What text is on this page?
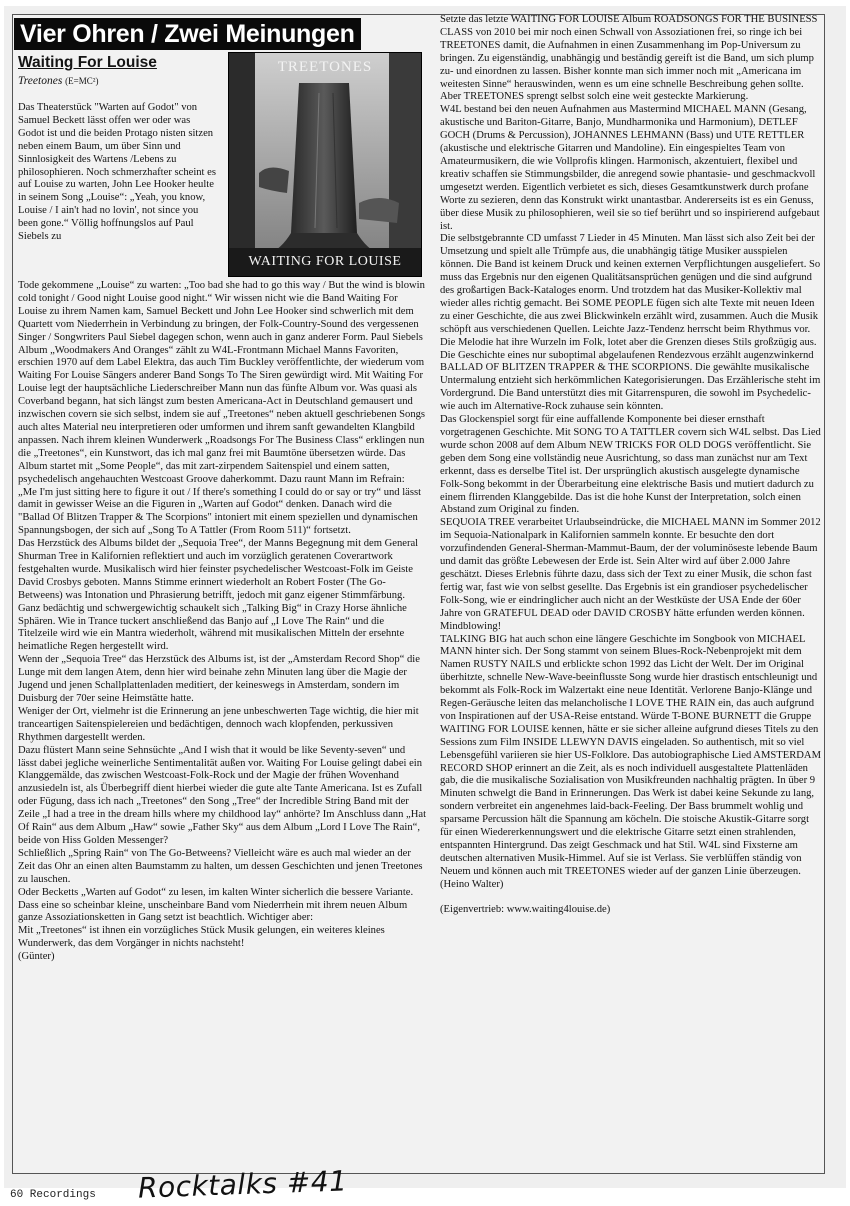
Vier Ohren / Zwei Meinungen
Waiting For Louise
Treetones (E=MC²)
TREETONES
WAITING FOR LOUISE
Das Theaterstück "Warten auf Godot" von Samuel Beckett lässt offen wer oder was Godot ist und die beiden Protago nisten sitzen neben einem Baum, um über Sinn und Sinnlosigkeit des Wartens /Lebens zu philosophieren. Noch schmerzhafter scheint es auf Louise zu warten, John Lee Hooker heulte in seinem Song „Louise“: „Yeah, you know, Louise / I ain't had no lovin', not since you been gone.“ Völlig hoffnungslos auf Paul Siebels zu

Tode gekommene „Louise“ zu warten: „Too bad she had to go this way / But the wind is blowin cold tonight / Good night Louise good night.“ Wir wissen nicht wie die Band Waiting For Louise zu ihrem Namen kam, Samuel Beckett und John Lee Hooker sind schwerlich mit dem Quartett vom Niederrhein in Verbindung zu bringen, der Folk-Country-Sound des vergessenen Singer / Songwriters Paul Siebel dagegen schon, wenn auch in ganz anderer Form. Paul Siebels Album „Woodmakers And Oranges“ zählt zu W4L-Frontmann Michael Manns Favoriten, erschien 1970 auf dem Label Elektra, das auch Tim Buckley veröffentlichte, der wiederum vom Waiting For Louise Sängers anderer Band Songs To The Siren gewürdigt wird. Mit Waiting For Louise legt der hauptsächliche Liederschreiber Mann nun das fünfte Album vor. Was quasi als Coverband begann, hat sich längst zum besten Americana-Act in Deutschland gemausert und inzwischen covern sie sich selbst, indem sie auf „Treetones“ neben aktuell geschriebenen Songs auch altes Material neu interpretieren oder umformen und ihrem sanft gewandelten Klangbild anpassen. Nach ihrem kleinen Wunderwerk „Roadsongs For The Business Class“ erklingen nun die „Treetones“, ein Kunstwort, das ich mal ganz frei mit Baumtöne übersetzen würde. Das Album startet mit „Some People“, das mit zart-zirpendem Saitenspiel und einem satten, psychedelisch angehauchten Westcoast Groove daherkommt. Dazu raunt Mann im Refrain: „Me I'm just sitting here to figure it out / If there's something I could do or say or try“ und lässt damit in gewisser Weise an die Figuren in „Warten auf Godot“ denken. Danach wird die "Ballad Of Blitzen Trapper & The Scorpions" intoniert mit einem speziellen und dynamischen Spannungsbogen, der sich auf „Song To A Tattler (From Room 511)“ fortsetzt.

Das Herzstück des Albums bildet der „Sequoia Tree“, der Manns Begegnung mit dem General Shurman Tree in Kalifornien reflektiert und auch im vorzüglich geratenen Coverartwork festgehalten wurde. Musikalisch wird hier feinster psychedelischer Westcoast-Folk im Geiste David Crosbys geboten. Manns Stimme erinnert wiederholt an Robert Foster (The Go-Betweens) was Intonation und Phrasierung betrifft, jedoch mit ganz eigener Stimmfärbung. Ganz bedächtig und schwergewichtig schaukelt sich „Talking Big“ in Crazy Horse ähnliche Sphären. Wie in Trance tuckert anschließend das Banjo auf „I Love The Rain“ und die Titelzeile wird wie ein Mantra wiederholt, während mit musikalischen Mitteln der ersehnte heimatliche Regen hergestellt wird.

Wenn der „Sequoia Tree“ das Herzstück des Albums ist, ist der „Amsterdam Record Shop“ die Lunge mit dem langen Atem, denn hier wird beinahe zehn Minuten lang über die Magie der Jugend und jenen Schallplattenladen meditiert, der keineswegs in Amsterdam, sondern im Duisburg der 70er seine Heimstätte hatte.

Weniger der Ort, vielmehr ist die Erinnerung an jene unbeschwerten Tage wichtig, die hier mit tranceartigen Saitenspielereien und bedächtigen, dennoch wach klopfenden, perkussiven Rhythmen dargestellt werden.

Dazu flüstert Mann seine Sehnsüchte „And I wish that it would be like Seventy-seven“ und lässt dabei jegliche weinerliche Sentimentalität außen vor. Waiting For Louise gelingt dabei ein Klanggemälde, das zwischen Westcoast-Folk-Rock und der Magie der frühen Wovenhand anzusiedeln ist, als Überbegriff dient hierbei wieder die gute alte Tante Americana. Ist es Zufall oder Fügung, dass ich nach „Treetones“ den Song „Tree“ der Incredible String Band mit der Zeile „I had a tree in the dream hills where my childhood lay“ anhörte? Im Anschluss dann „Hat Of Rain“ aus dem Album „Haw“ sowie „Father Sky“ aus dem Album „Lord I Love The Rain“, beide von Hiss Golden Messenger?

Schließlich „Spring Rain“ von The Go-Betweens? Vielleicht wäre es auch mal wieder an der Zeit das Ohr an einen alten Baumstamm zu halten, um dessen Geschichten und jenen Treetones zu lauschen.

Oder Becketts „Warten auf Godot“ zu lesen, im kalten Winter sicherlich die bessere Variante.

Dass eine so scheinbar kleine, unscheinbare Band vom Niederrhein mit ihrem neuen Album ganze Assoziationsketten in Gang setzt ist beachtlich. Wichtiger aber:

Mit „Treetones“ ist ihnen ein vorzügliches Stück Musik gelungen, ein weiteres kleines Wunderwerk, das dem Vorgänger in nichts nachsteht!

(Günter)

Setzte das letzte WAITING FOR LOUISE Album ROADSONGS FOR THE BUSINESS CLASS von 2010 bei mir noch einen Schwall von Assoziationen frei, so ringe ich bei TREETONES damit, die Aufnahmen in einen Zusammenhang im Pop-Universum zu bringen. Zu eigenständig, unabhängig und beständig gereift ist die Band, um sich plump zu- und einordnen zu lassen. Bisher konnte man sich immer noch mit „Americana im weitesten Sinne“ herauswinden, wenn es um eine schnelle Beschreibung gehen sollte. Aber TREETONES sprengt selbst solch eine weit gesteckte Markierung.

W4L bestand bei den neuen Aufnahmen aus Mastermind MICHAEL MANN (Gesang, akustische und Bariton-Gitarre, Banjo, Mundharmonika und Harmonium), DETLEF GOCH (Drums & Percussion), JOHANNES LEHMANN (Bass) und UTE RETTLER (akustische und elektrische Gitarren und Mandoline). Ein eingespieltes Team von Amateurmusikern, die wie Vollprofis klingen. Harmonisch, akzentuiert, flexibel und kreativ schaffen sie Stimmungsbilder, die anregend sowie phantasie- und geschmackvoll umgesetzt werden. Eigentlich verbietet es sich, dieses Gesamtkunstwerk durch profane Worte zu sezieren, denn das Konstrukt wirkt unantastbar. Andererseits ist es ein Genuss, über diese Musik zu philosophieren, weil sie so tief berührt und so inspirierend aufgebaut ist.

Die selbstgebrannte CD umfasst 7 Lieder in 45 Minuten. Man lässt sich also Zeit bei der Umsetzung und spielt alle Trümpfe aus, die unabhängig tätige Musiker ausspielen können. Die Band ist keinem Druck und keinen externen Verpflichtungen ausgeliefert. So muss das Ergebnis nur den eigenen Qualitätsansprüchen genügen und die sind aufgrund des großartigen Back-Kataloges enorm. Und trotzdem hat das Musiker-Kollektiv mal wieder alles richtig gemacht. Bei SOME PEOPLE fügen sich alte Texte mit neuen Ideen zu einer Geschichte, die aus zwei Blickwinkeln erzählt wird, zusammen. Auch die Musik schöpft aus verschiedenen Quellen. Leichte Jazz-Tendenz herrscht beim Rhythmus vor. Die Melodie hat ihre Wurzeln im Folk, lotet aber die Grenzen dieses Stils großzügig aus.

Die Geschichte eines nur suboptimal abgelaufenen Rendezvous erzählt augenzwinkernd BALLAD OF BLITZEN TRAPPER & THE SCORPIONS. Die gewählte musikalische Untermalung entzieht sich herkömmlichen Kategorisierungen. Das Erzählerische steht im Vordergrund. Die Band unterstützt dies mit Gitarrenspuren, die sowohl im Psychedelic- wie auch im Alternative-Rock zuhause sein könnten.

Das Glockenspiel sorgt für eine auffallende Komponente bei dieser ernsthaft vorgetragenen Geschichte. Mit SONG TO A TATTLER covern sich W4L selbst. Das Lied wurde schon 2008 auf dem Album NEW TRICKS FOR OLD DOGS veröffentlicht. Sie geben dem Song eine vollständig neue Ausrichtung, so dass man zunächst nur am Text erkennt, dass es derselbe Titel ist. Der ursprünglich akustisch ausgelegte dynamische Folk-Song bekommt in der Überarbeitung eine elektrische Basis und mutiert dadurch zu einem flirrenden Klanggebilde. Das ist die hohe Kunst der Interpretation, solch einen Abstand zum Original zu finden.

SEQUOIA TREE verarbeitet Urlaubseindrücke, die MICHAEL MANN im Sommer 2012 im Sequoia-Nationalpark in Kalifornien sammeln konnte. Er besuchte den dort vorzufindenden General-Sherman-Mammut-Baum, der der voluminöseste lebende Baum und damit das größte Lebewesen der Erde ist. Sein Alter wird auf über 2.000 Jahre geschätzt. Dieses Erlebnis führte dazu, dass sich der Text zu einer Musik, die schon fast fertig war, fast wie von selbst gesellte. Das Ergebnis ist ein grandioser psychedelischer Folk-Song, wie er eindringlicher auch nicht an der Westküste der USA Ende der 60er Jahre von GRATEFUL DEAD oder DAVID CROSBY hätte erfunden werden können. Mindblowing!

TALKING BIG hat auch schon eine längere Geschichte im Songbook von MICHAEL MANN hinter sich. Der Song stammt von seinem Blues-Rock-Nebenprojekt mit dem Namen RUSTY NAILS und erblickte schon 1992 das Licht der Welt. Der im Original überhitzte, schnelle New-Wave-beeinflusste Song wurde hier drastisch entschleunigt und bekommt als Folk-Rock im Walzertakt eine neue Identität. Verlorene Banjo-Klänge und Regen-Geräusche leiten das melancholische I LOVE THE RAIN ein, das auch aufgrund von Inspirationen auf der USA-Reise entstand. Würde T-BONE BURNETT die Gruppe WAITING FOR LOUISE kennen, hätte er sie sicher alleine aufgrund dieses Titels zu den Sessions zum Film INSIDE LLEWYN DAVIS eingeladen. So authentisch, mit so viel Lebensgefühl variieren sie hier US-Folklore. Das autobiographische Lied AMSTERDAM RECORD SHOP erinnert an die Zeit, als es noch individuell ausgestaltete Plattenläden gab, die die musikalische Sozialisation von Musikfreunden nachhaltig prägten. In über 9 Minuten schwelgt die Band in Erinnerungen. Das Werk ist dabei keine Sekunde zu lang, sondern verbreitet ein angenehmes laid-back-Feeling. Der Bass brummelt wohlig und sparsame Percussion hält die Spannung am köcheln. Die stoische Akustik-Gitarre sorgt für einen Wiedererkennungswert und die elektrische Gitarre setzt einen strahlenden, entspannten Hintergrund. Das zeigt Geschmack und hat Stil. W4L sind Fixsterne am deutschen alternativen Musik-Himmel. Auf sie ist Verlass. Sie verblüffen ständig von Neuem und können auch mit TREETONES wieder auf der ganzen Linie überzeugen. (Heino Walter)

(Eigenvertrieb: www.waiting4louise.de)

60 Recordings Rocktalks #41
